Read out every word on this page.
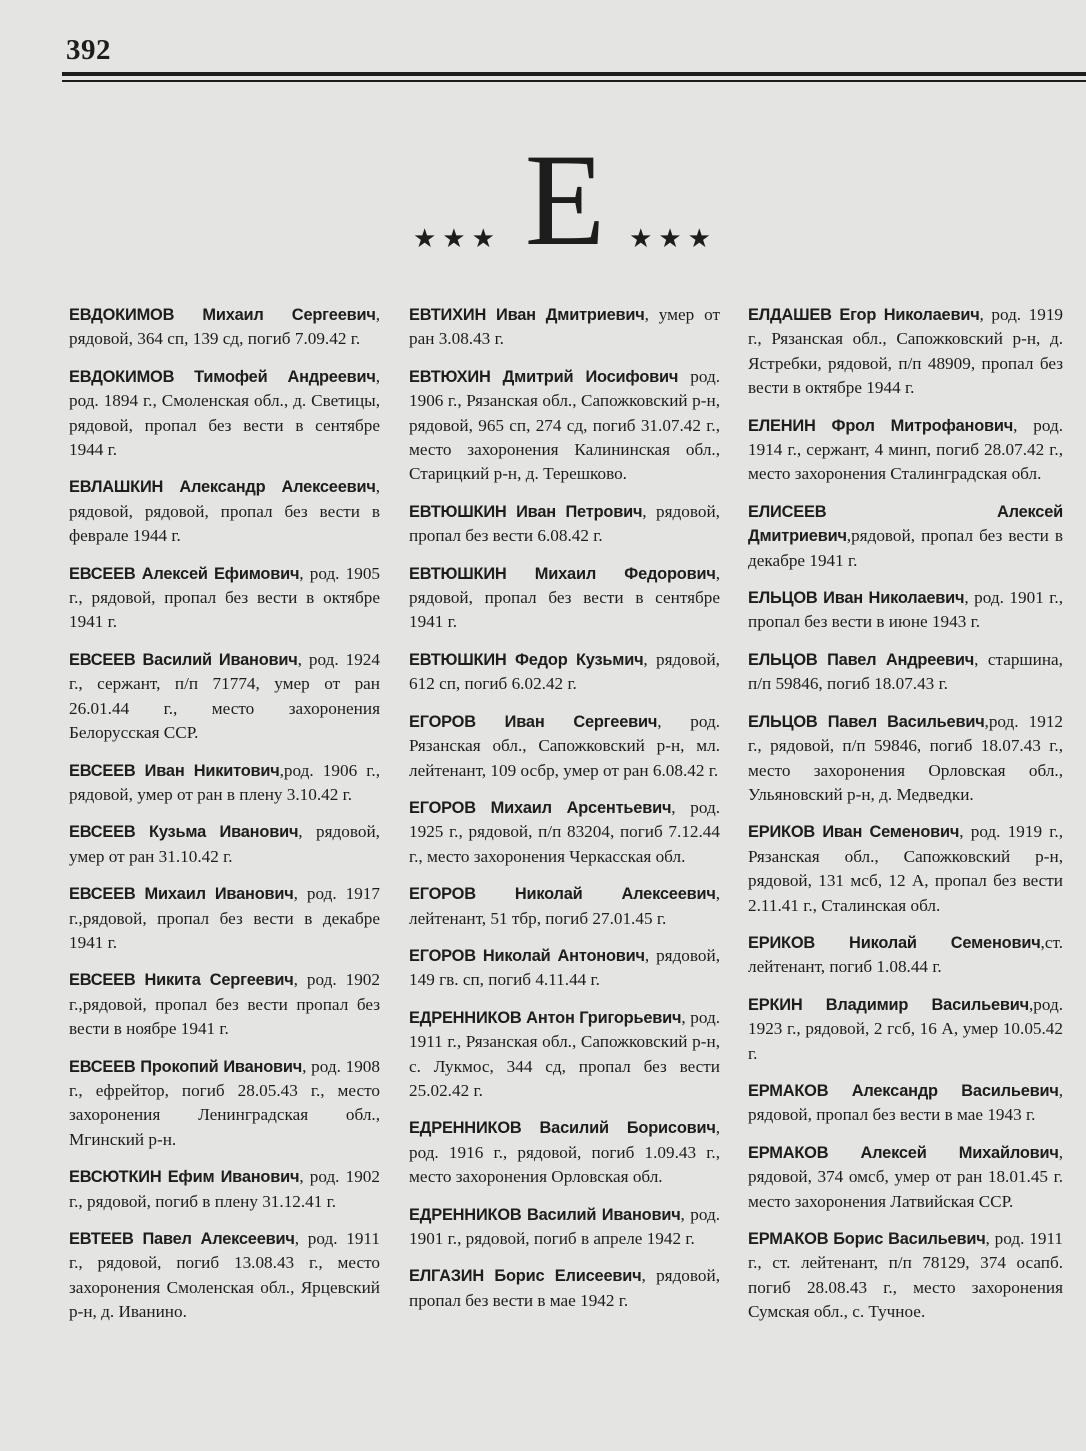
392
★★★ Е ★★★

ЕВДОКИМОВ Михаил Сергеевич, рядовой, 364 сп, 139 сд, погиб 7.09.42 г.

ЕВДОКИМОВ Тимофей Андреевич, род. 1894 г., Смоленская обл., д. Светицы, рядовой, пропал без вести в сентябре 1944 г.

ЕВЛАШКИН Александр Алексеевич, рядовой, рядовой, пропал без вести в феврале 1944 г.

ЕВСЕЕВ Алексей Ефимович, род. 1905 г., рядовой, пропал без вести в октябре 1941 г.

ЕВСЕЕВ Василий Иванович, род. 1924 г., сержант, п/п 71774, умер от ран 26.01.44 г., место захоронения Белорусская ССР.

ЕВСЕЕВ Иван Никитович,род. 1906 г., рядовой, умер от ран в плену 3.10.42 г.

ЕВСЕЕВ Кузьма Иванович, рядовой, умер от ран 31.10.42 г.

ЕВСЕЕВ Михаил Иванович, род. 1917 г.,рядовой, пропал без вести в декабре 1941 г.

ЕВСЕЕВ Никита Сергеевич, род. 1902 г.,рядовой, пропал без вести пропал без вести в ноябре 1941 г.

ЕВСЕЕВ Прокопий Иванович, род. 1908 г., ефрейтор, погиб 28.05.43 г., место захоронения Ленинградская обл., Мгинский р-н.

ЕВСЮТКИН Ефим Иванович, род. 1902 г., рядовой, погиб в плену 31.12.41 г.

ЕВТЕЕВ Павел Алексеевич, род. 1911 г., рядовой, погиб 13.08.43 г., место захоронения Смоленская обл., Ярцевский р-н, д. Иванино.

ЕВТИХИН Иван Дмитриевич, умер от ран 3.08.43 г.

ЕВТЮХИН Дмитрий Иосифович род. 1906 г., Рязанская обл., Сапожковский р-н, рядовой, 965 сп, 274 сд, погиб 31.07.42 г., место захоронения Калининская обл., Старицкий р-н, д. Терешково.

ЕВТЮШКИН Иван Петрович, рядовой, пропал без вести 6.08.42 г.

ЕВТЮШКИН Михаил Федорович, рядовой, пропал без вести в сентябре 1941 г.

ЕВТЮШКИН Федор Кузьмич, рядовой, 612 сп, погиб 6.02.42 г.

ЕГОРОВ Иван Сергеевич, род. Рязанская обл., Сапожковский р-н, мл. лейтенант, 109 осбр, умер от ран 6.08.42 г.

ЕГОРОВ Михаил Арсентьевич, род. 1925 г., рядовой, п/п 83204, погиб 7.12.44 г., место захоронения Черкасская обл.

ЕГОРОВ Николай Алексеевич, лейтенант, 51 тбр, погиб 27.01.45 г.

ЕГОРОВ Николай Антонович, рядовой, 149 гв. сп, погиб 4.11.44 г.

ЕДРЕННИКОВ Антон Григорьевич, род. 1911 г., Рязанская обл., Сапожковский р-н, с. Лукмос, 344 сд, пропал без вести 25.02.42 г.

ЕДРЕННИКОВ Василий Борисович, род. 1916 г., рядовой, погиб 1.09.43 г., место захоронения Орловская обл.

ЕДРЕННИКОВ Василий Иванович, род. 1901 г., рядовой, погиб в апреле 1942 г.

ЕЛГАЗИН Борис Елисеевич, рядовой, пропал без вести в мае 1942 г.

ЕЛДАШЕВ Егор Николаевич, род. 1919 г., Рязанская обл., Сапожковский р-н, д. Ястребки, рядовой, п/п 48909, пропал без вести в октябре 1944 г.

ЕЛЕНИН Фрол Митрофанович, род. 1914 г., сержант, 4 минп, погиб 28.07.42 г., место захоронения Сталинградская обл.

ЕЛИСЕЕВ Алексей Дмитриевич,рядовой, пропал без вести в декабре 1941 г.

ЕЛЬЦОВ Иван Николаевич, род. 1901 г., пропал без вести в июне 1943 г.

ЕЛЬЦОВ Павел Андреевич, старшина, п/п 59846, погиб 18.07.43 г.

ЕЛЬЦОВ Павел Васильевич,род. 1912 г., рядовой, п/п 59846, погиб 18.07.43 г., место захоронения Орловская обл., Ульяновский р-н, д. Медведки.

ЕРИКОВ Иван Семенович, род. 1919 г., Рязанская обл., Сапожковский р-н, рядовой, 131 мсб, 12 А, пропал без вести 2.11.41 г., Сталинская обл.

ЕРИКОВ Николай Семенович,ст. лейтенант, погиб 1.08.44 г.

ЕРКИН Владимир Васильевич,род. 1923 г., рядовой, 2 гсб, 16 А, умер 10.05.42 г.

ЕРМАКОВ Александр Васильевич, рядовой, пропал без вести в мае 1943 г.

ЕРМАКОВ Алексей Михайлович, рядовой, 374 омсб, умер от ран 18.01.45 г. место захоронения Латвийская ССР.

ЕРМАКОВ Борис Васильевич, род. 1911 г., ст. лейтенант, п/п 78129, 374 осапб. погиб 28.08.43 г., место захоронения Сумская обл., с. Тучное.
